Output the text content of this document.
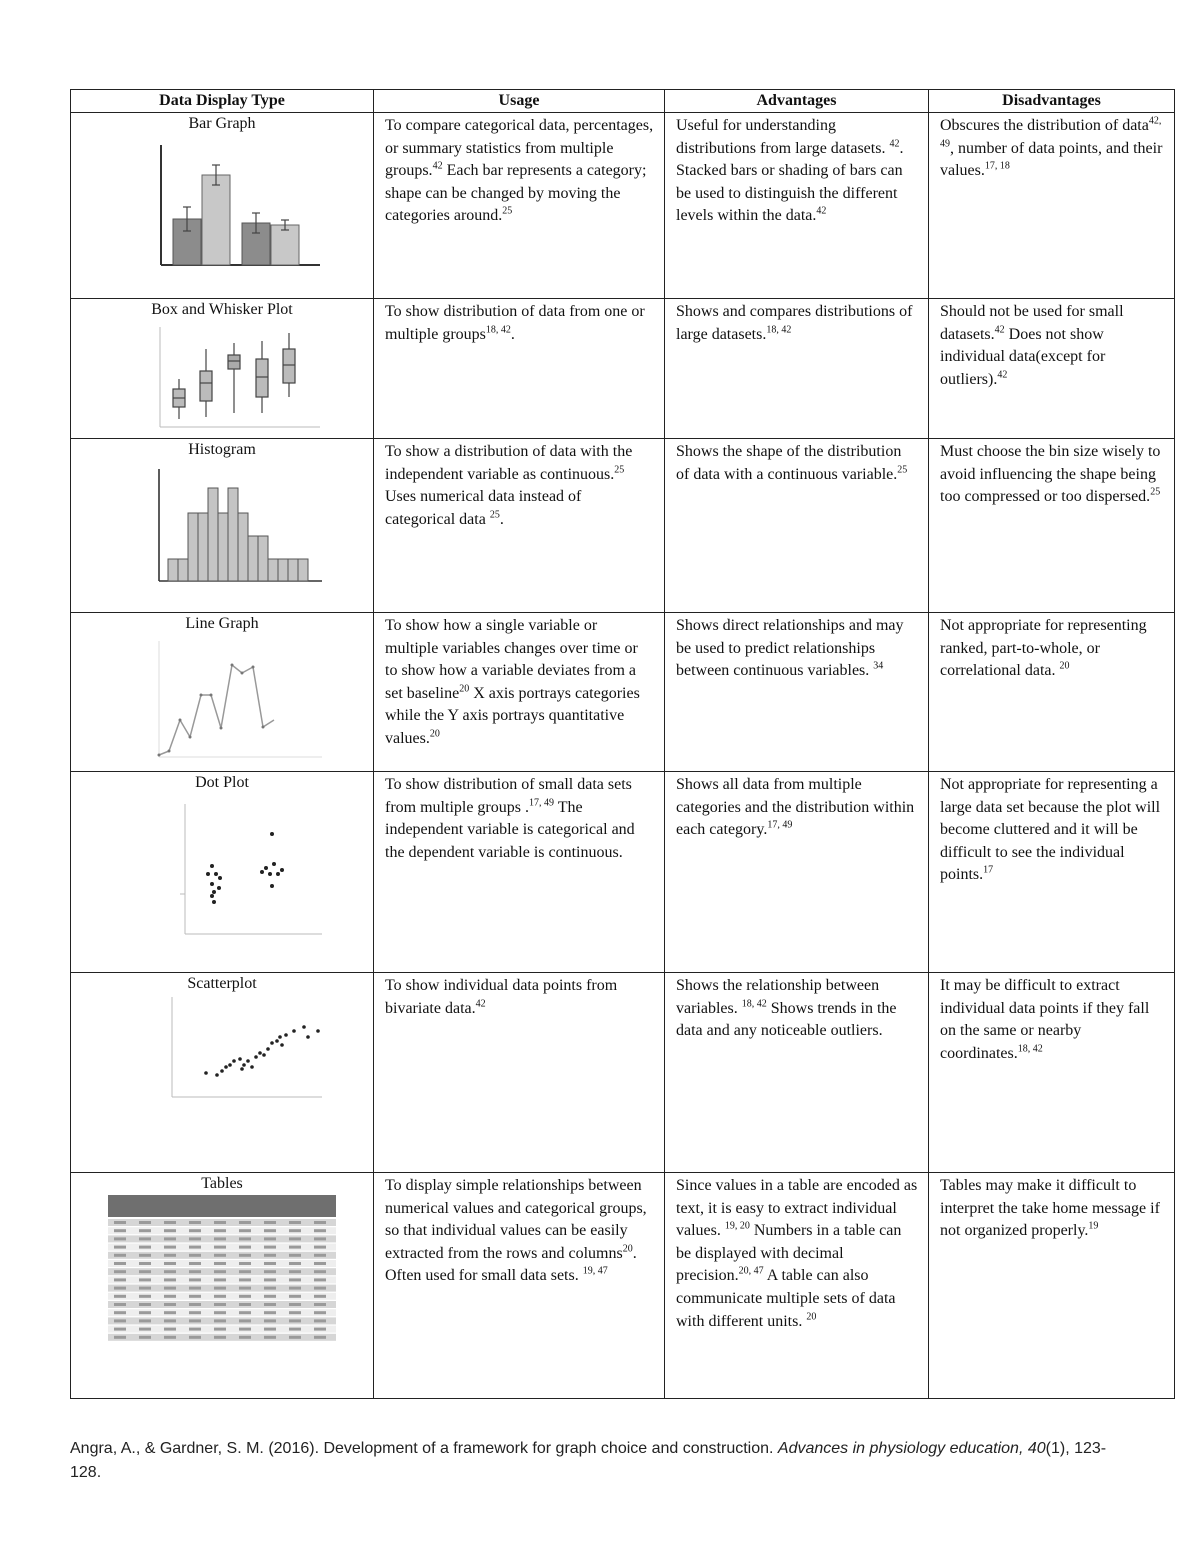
Data Display Type	Usage	Advantages	Disadvantages

Bar Graph	To compare categorical data, percentages, or summary statistics from multiple groups.$^{42}$ Each bar represents a category; shape can be changed by moving the categories around.$^{25}$	Useful for understanding distributions from large datasets. $^{42}$. Stacked bars or shading of bars can be used to distinguish the different levels within the data.$^{42}$	Obscures the distribution of data$^{42, 49}$, number of data points, and their values.$^{17, 18}$

Box and Whisker Plot	To show distribution of data from one or multiple groups$^{18, 42}$.	Shows and compares distributions of large datasets.$^{18, 42}$	Should not be used for small datasets.$^{42}$ Does not show individual data(except for outliers).$^{42}$

Histogram	To show a distribution of data with the independent variable as continuous.$^{25}$ Uses numerical data instead of categorical data $^{25}$.	Shows the shape of the distribution of data with a continuous variable.$^{25}$	Must choose the bin size wisely to avoid influencing the shape being too compressed or too dispersed.$^{25}$

Line Graph	To show how a single variable or multiple variables changes over time or to show how a variable deviates from a set baseline$^{20}$ X axis portrays categories while the Y axis portrays quantitative values.$^{20}$	Shows direct relationships and may be used to predict relationships between continuous variables. $^{34}$	Not appropriate for representing ranked, part-to-whole, or correlational data. $^{20}$

Dot Plot	To show distribution of small data sets from multiple groups .$^{17, 49}$ The independent variable is categorical and the dependent variable is continuous.	Shows all data from multiple categories and the distribution within each category.$^{17, 49}$	Not appropriate for representing a large data set because the plot will become cluttered and it will be difficult to see the individual points.$^{17}$

Scatterplot	To show individual data points from bivariate data.$^{42}$	Shows the relationship between variables. $^{18, 42}$ Shows trends in the data and any noticeable outliers.	It may be difficult to extract individual data points if they fall on the same or nearby coordinates.$^{18, 42}$

Tables	To display simple relationships between numerical values and categorical groups, so that individual values can be easily extracted from the rows and columns$^{20}$. Often used for small data sets. $^{19, 47}$	Since values in a table are encoded as text, it is easy to extract individual values. $^{19, 20}$ Numbers in a table can be displayed with decimal precision.$^{20, 47}$ A table can also communicate multiple sets of data with different units. $^{20}$	Tables may make it difficult to interpret the take home message if not organized properly.$^{19}$
Angra, A., & Gardner, S. M. (2016). Development of a framework for graph choice and construction. Advances in physiology education, 40(1), 123-128.
